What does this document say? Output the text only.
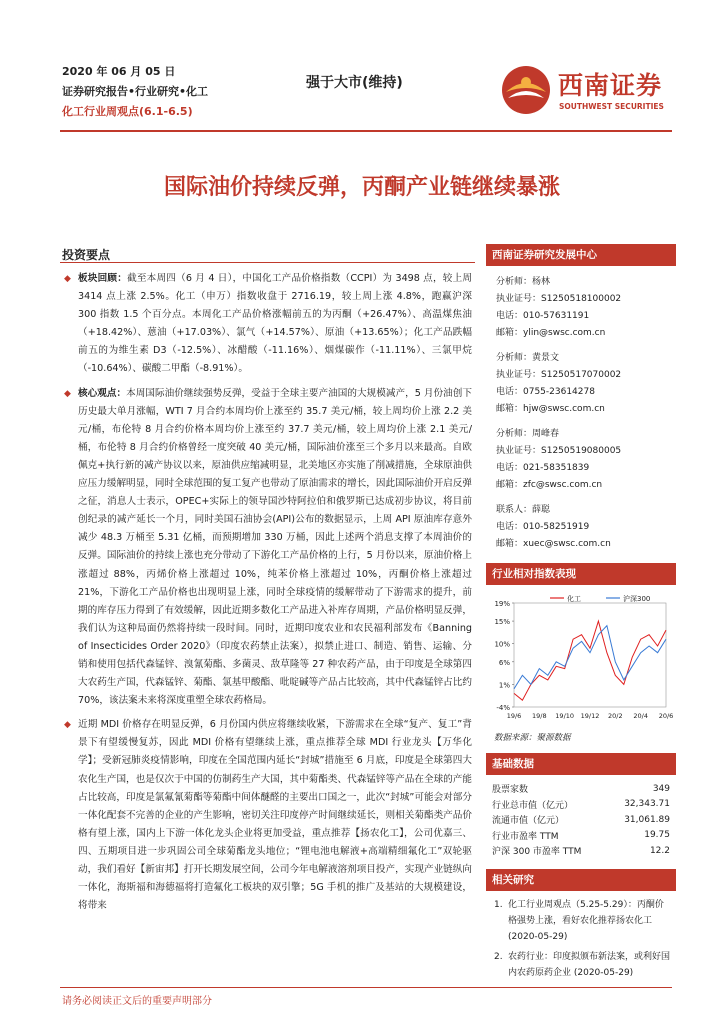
2020 年 06 月 05 日
证券研究报告•行业研究•化工
化工行业周观点(6.1-6.5)
强于大市(维持)	西南证券
SOUTHWEST SECURITIES
国际油价持续反弹，丙酮产业链继续暴涨
投资要点
◆ 板块回顾：截至本周四（6 月 4 日），中国化工产品价格指数（CCPI）为 3498 点，较上周 3414 点上涨 2.5%。化工（申万）指数收盘于 2716.19，较上周上涨 4.8%，跑赢沪深 300 指数 1.5 个百分点。本周化工产品价格涨幅前五的为丙酮（+26.47%）、高温煤焦油（+18.42%）、蒽油（+17.03%）、氯气（+14.57%）、原油（+13.65%）；化工产品跌幅前五的为维生素 D3（-12.5%）、冰醋酸（-11.16%）、烟煤碳作（-11.11%）、三氯甲烷（-10.64%）、碳酸二甲酯（-8.91%）。
◆ 核心观点：本周国际油价继续强势反弹，受益于全球主要产油国的大规模减产，5 月份油创下历史最大单月涨幅，WTI 7 月合约本周均价上涨至约 35.7 美元/桶，较上周均价上涨 2.2 美元/桶，布伦特 8 月合约价格本周均价上涨至约 37.7 美元/桶，较上周均价上涨 2.1 美元/桶，布伦特 8 月合约价格曾经一度突破 40 美元/桶，国际油价涨至三个多月以来最高。自欧佩克+执行新的减产协议以来，原油供应缩减明显，北美地区亦实施了削减措施，全球原油供应压力缓解明显，同时全球范围的复工复产也带动了原油需求的增长，因此国际油价开启反弹之征，消息人士表示，OPEC+实际上的领导国沙特阿拉伯和俄罗斯已达成初步协议，将目前创纪录的减产延长一个月，同时美国石油协会(API)公布的数据显示，上周 API 原油库存意外减少 48.3 万桶至 5.31 亿桶，而预期增加 330 万桶，因此上述两个消息支撑了本周油价的反弹。国际油价的持续上涨也充分带动了下游化工产品价格的上行，5 月份以来，原油价格上涨超过 88%，丙烯价格上涨超过 10%，纯苯价格上涨超过 10%，丙酮价格上涨超过 21%，下游化工产品价格也出现明显上涨，同时全球疫情的缓解带动了下游需求的提升，前期的库存压力得到了有效缓解，因此近期多数化工产品进入补库存周期，产品价格明显反弹，我们认为这种局面仍然将持续一段时间。同时，近期印度农业和农民福利部发布《Banning of Insecticides Order 2020》（印度农药禁止法案），拟禁止进口、制造、销售、运输、分销和使用包括代森锰锌、溴氰菊酯、多菌灵、敌草隆等 27 种农药产品，由于印度是全球第四大农药生产国，代森锰锌、菊酯、氯基甲酸酯、吡啶碱等产品占比较高，其中代森锰锌占比约 70%，该法案未来将深度重塑全球农药格局。
◆ 近期 MDI 价格存在明显反弹，6 月份国内供应将继续收紧，下游需求在全球“复产、复工”背景下有望缓慢复苏，因此 MDI 价格有望继续上涨，重点推荐全球 MDI 行业龙头【万华化学】；受新冠肺炎疫情影响，印度在全国范围内延长“封城”措施至 6 月底，印度是全球第四大农化生产国，也是仅次于中国的仿制药生产大国，其中菊酯类、代森锰锌等产品在全球的产能占比较高，印度是氯氟氰菊酯等菊酯中间体醚醛的主要出口国之一，此次“封城”可能会对部分一体化配套不完善的企业的产生影响，密切关注印度停产时间继续延长，则相关菊酯类产品价格有望上涨，国内上下游一体化龙头企业将更加受益，重点推荐【扬农化工】，公司优嘉三、四、五期项目进一步巩固公司全球菊酯龙头地位；“锂电池电解液+高端精细氟化工”双轮驱动，我们看好【新宙邦】打开长期发展空间，公司今年电解液溶剂项目投产，实现产业链纵向一体化，海斯福和海德福将打造氟化工板块的双引擎；5G 手机的推广及基站的大规模建设，将带来
西南证券研究发展中心
分析师：杨林
执业证号：S1250518100002
电话：010-57631191
邮箱：ylin@swsc.com.cn
分析师：黄景文
执业证号：S1250517070002
电话：0755-23614278
邮箱：hjw@swsc.com.cn
分析师：周峰春
执业证号：S1250519080005
电话：021-58351839
邮箱：zfc@swsc.com.cn
联系人：薛聪
电话：010-58251919
邮箱：xuec@swsc.com.cn
行业相对指数表现
19%
15%
10%
6%
1%
-4%
19/6 19/8 19/10 19/12 20/2 20/4 20/6
化工	沪深300
数据来源：聚源数据
基础数据
股票家数	349
行业总市值（亿元）	32,343.71
流通市值（亿元）	31,061.89
行业市盈率 TTM	19.75
沪深 300 市盈率 TTM	12.2
相关研究
1. 化工行业周观点（5.25-5.29）：丙酮价格强势上涨，看好农化推荐扬农化工 (2020-05-29)
2. 农药行业：印度拟颁布新法案，或利好国内农药原药企业 (2020-05-29)
请务必阅读正文后的重要声明部分
